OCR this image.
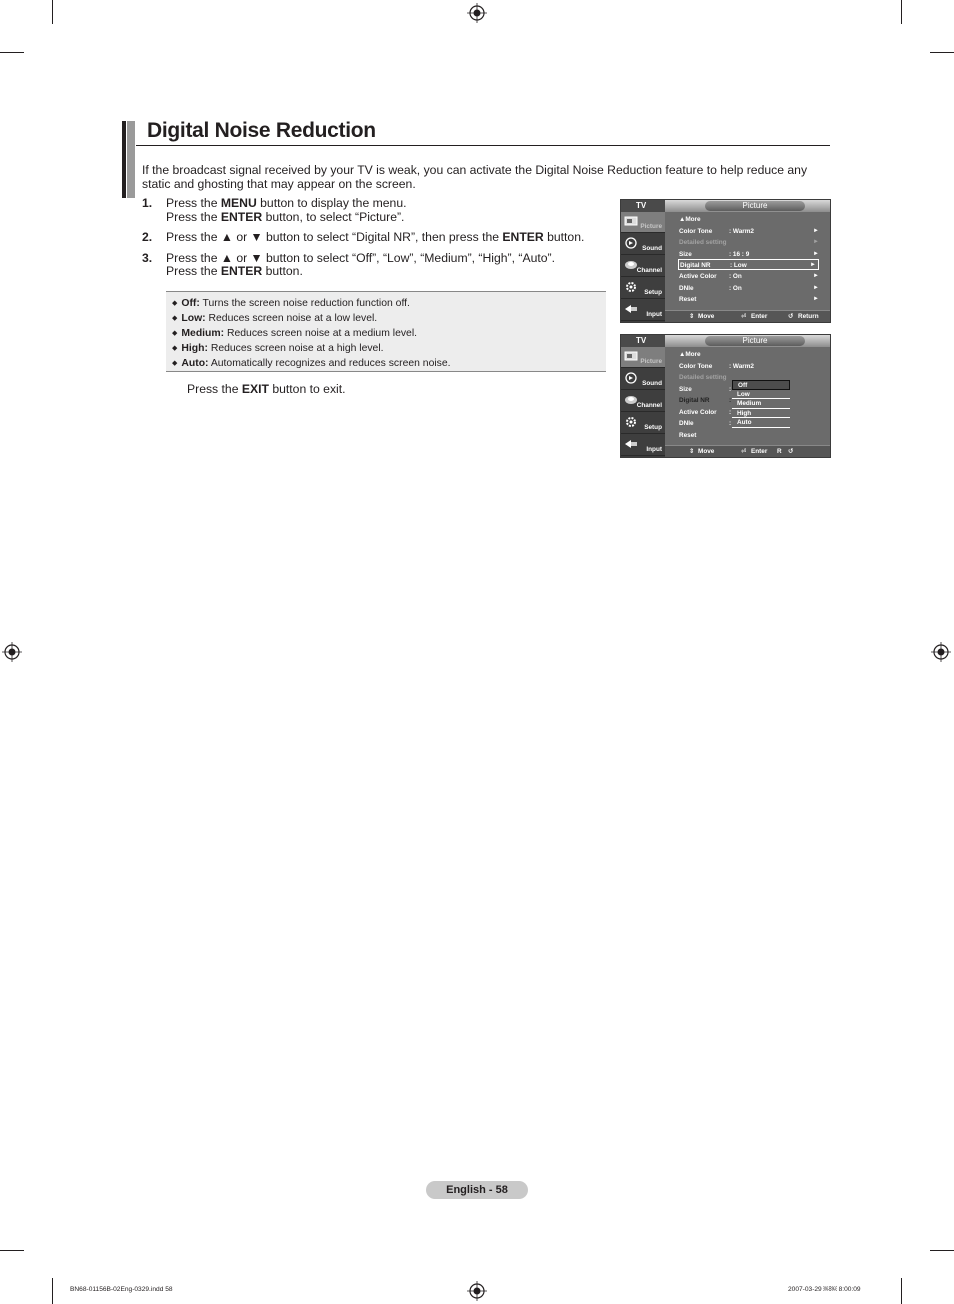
Digital Noise Reduction

If the broadcast signal received by your TV is weak, you can activate the Digital Noise Reduction feature to help reduce any static and ghosting that may appear on the screen.

1. Press the MENU button to display the menu.
Press the ENTER button, to select “Picture”.
2. Press the ▲ or ▼ button to select “Digital NR”, then press the ENTER button.
3. Press the ▲ or ▼ button to select “Off”, “Low”, “Medium”, “High”, “Auto”.
Press the ENTER button.
◆ Off: Turns the screen noise reduction function off.
◆ Low: Reduces screen noise at a low level.
◆ Medium: Reduces screen noise at a medium level.
◆ High: Reduces screen noise at a high level.
◆ Auto: Automatically recognizes and reduces screen noise.
Press the EXIT button to exit.
TV	Picture
Picture
Sound
Channel
Setup
Input
▲More
Color Tone	: Warm2	►
Detailed setting	►
Size	: 16 : 9	►
Digital NR	: Low	►
Active Color : On	►
DNIe	: On	►
Reset	►
⇕ Move	⏎ Enter	↺ Return
TV	Picture
Picture
Sound
Channel
Setup
Input
▲More
Color Tone	: Warm2
Detailed setting
Size	:
Digital NR	:
Active Color :
DNIe	:
Reset
Off
Low
Medium
High
Auto
⇕ Move	⏎ Enter R ↺
English - 58
BN68-01156B-02Eng-0329.indd 58	2007-03-29 ￼￼ 8:00:09
